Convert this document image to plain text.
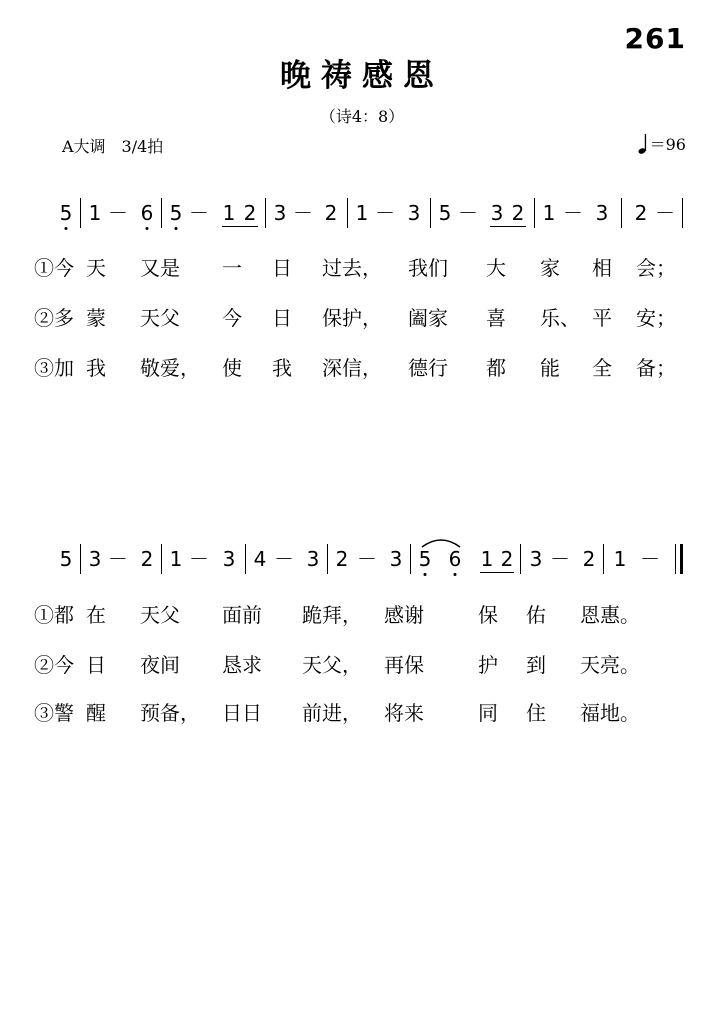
261
晚祷感恩
（诗4：8）
A大调　3/4拍	＝96
5 1 － 6 5 － 1 2 3 － 2 1 － 3 5 － 3 2 1 － 3 2 －
①今 天 又是 一 日 过去， 我们 大 家 相 会；
②多 蒙 天父 今 日 保护， 阖家 喜 乐、 平 安；
③加 我 敬爱， 使 我 深信， 德行 都 能 全 备；
5 3 － 2 1 － 3 4 － 3 2 － 3 5 6 1 2 3 － 2 1 －
①都 在 天父 面前 跪拜， 感谢	保 佑 恩惠。
②今 日 夜间 恳求 天父， 再保	护 到 天亮。
③警 醒 预备， 日日 前进， 将来	同 住 福地。
